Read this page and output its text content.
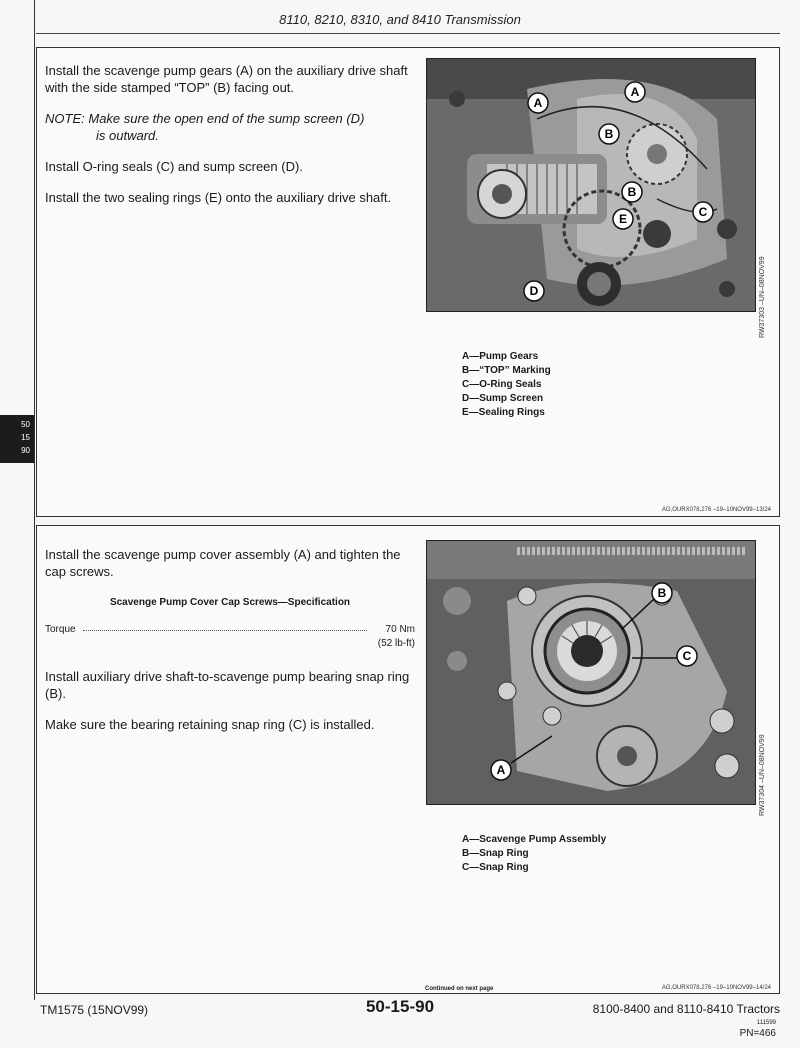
8110, 8210, 8310, and 8410 Transmission
50
15
90

Install the scavenge pump gears (A) on the auxiliary drive shaft with the side stamped “TOP” (B) facing out.

NOTE: Make sure the open end of the sump screen (D)
is outward.

Install O-ring seals (C) and sump screen (D).

Install the two sealing rings (E) onto the auxiliary drive shaft.

A
A
B
B
C
D
E
RW37303 –UN–08NOV99
A—Pump Gears
B—“TOP” Marking
C—O-Ring Seals
D—Sump Screen
E—Sealing Rings
AG,OURX078,276 –19–10NOV99–13/24

Install the scavenge pump cover assembly (A) and tighten the cap screws.

Scavenge Pump Cover Cap Screws—Specification
Torque	70 Nm
(52 lb-ft)

Install auxiliary drive shaft-to-scavenge pump bearing snap ring (B).

Make sure the bearing retaining snap ring (C) is installed.

A
B
C
RW37304 –UN–08NOV99
A—Scavenge Pump Assembly
B—Snap Ring
C—Snap Ring
AG,OURX078,276 –19–10NOV99–14/24
Continued on next page
TM1575 (15NOV99)	50-15-90	8100-8400 and 8110-8410 Tractors
111599
PN=466
